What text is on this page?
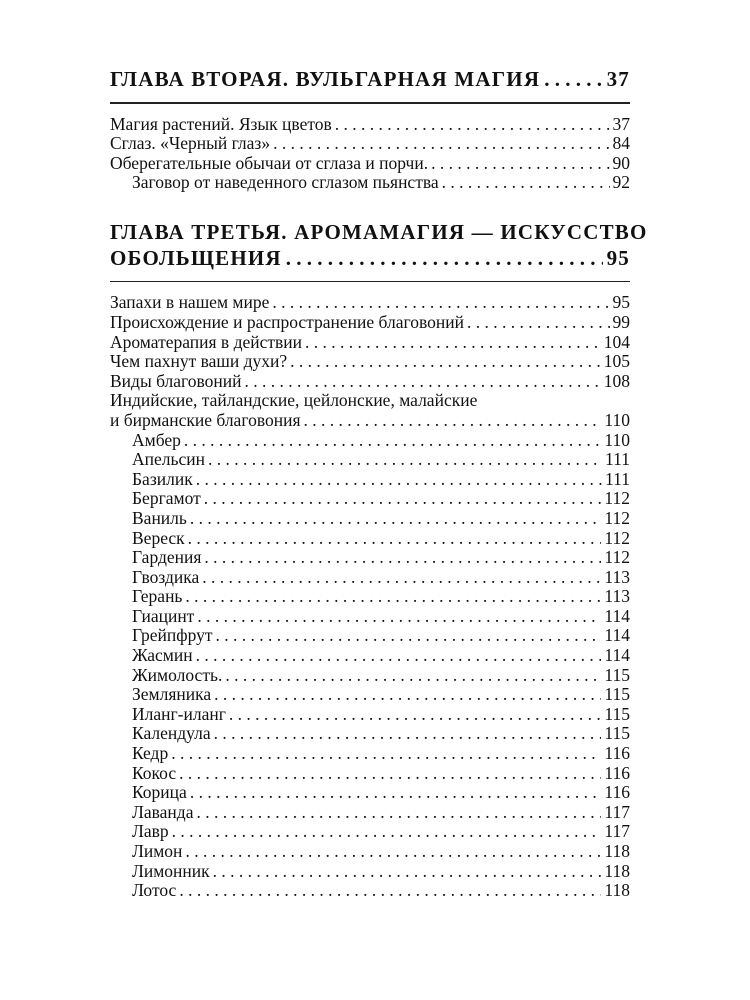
ГЛАВА ВТОРАЯ. ВУЛЬГАРНАЯ МАГИЯ . . .	37
Магия растений. Язык цветов . . .	37
Сглаз. «Черный глаз» . . .	84
Оберегательные обычаи от сглаза и порчи. . . .	90
Заговор от наведенного сглазом пьянства . . .	92
ГЛАВА ТРЕТЬЯ. АРОМАМАГИЯ — ИСКУССТВО
ОБОЛЬЩЕНИЯ . . .	95
Запахи в нашем мире . . .	95
Происхождение и распространение благовоний . . .	99
Ароматерапия в действии . . .	104
Чем пахнут ваши духи? . . .	105
Виды благовоний . . .	108
Индийские, тайландские, цейлонские, малайские
и бирманские благовония . . .	110
Амбер . . .	110
Апельсин . . .	111
Базилик . . .	111
Бергамот . . .	112
Ваниль . . .	112
Вереск . . .	112
Гардения . . .	112
Гвоздика . . .	113
Герань . . .	113
Гиацинт . . .	114
Грейпфрут . . .	114
Жасмин . . .	114
Жимолость. . . .	115
Земляника . . .	115
Иланг-иланг . . .	115
Календула . . .	115
Кедр . . .	116
Кокос . . .	116
Корица . . .	116
Лаванда . . .	117
Лавр . . .	117
Лимон . . .	118
Лимонник . . .	118
Лотос . . .	118
